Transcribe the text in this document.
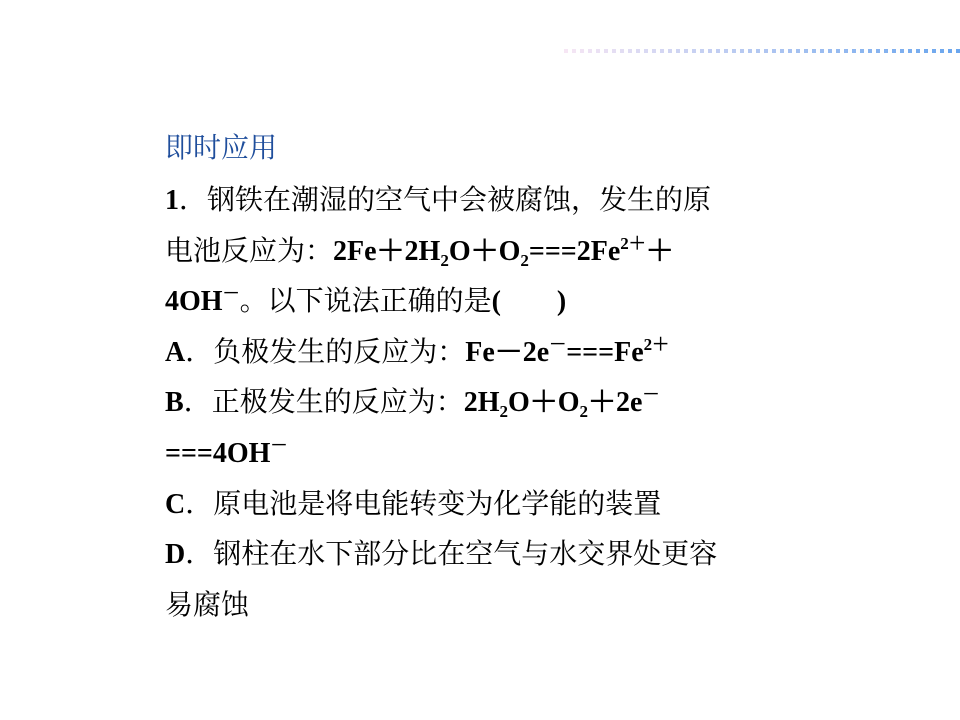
即时应用
1．钢铁在潮湿的空气中会被腐蚀，发生的原
电池反应为：$2Fe+2H_2O+O_2===2Fe^{2+}+$
4OH－。以下说法正确的是(　　)
A．负极发生的反应为：$Fe-2e^-===Fe^{2+}$
B．正极发生的反应为：$2H_2O+O_2+2e^-$
===4OH－
C．原电池是将电能转变为化学能的装置
D．钢柱在水下部分比在空气与水交界处更容
易腐蚀
